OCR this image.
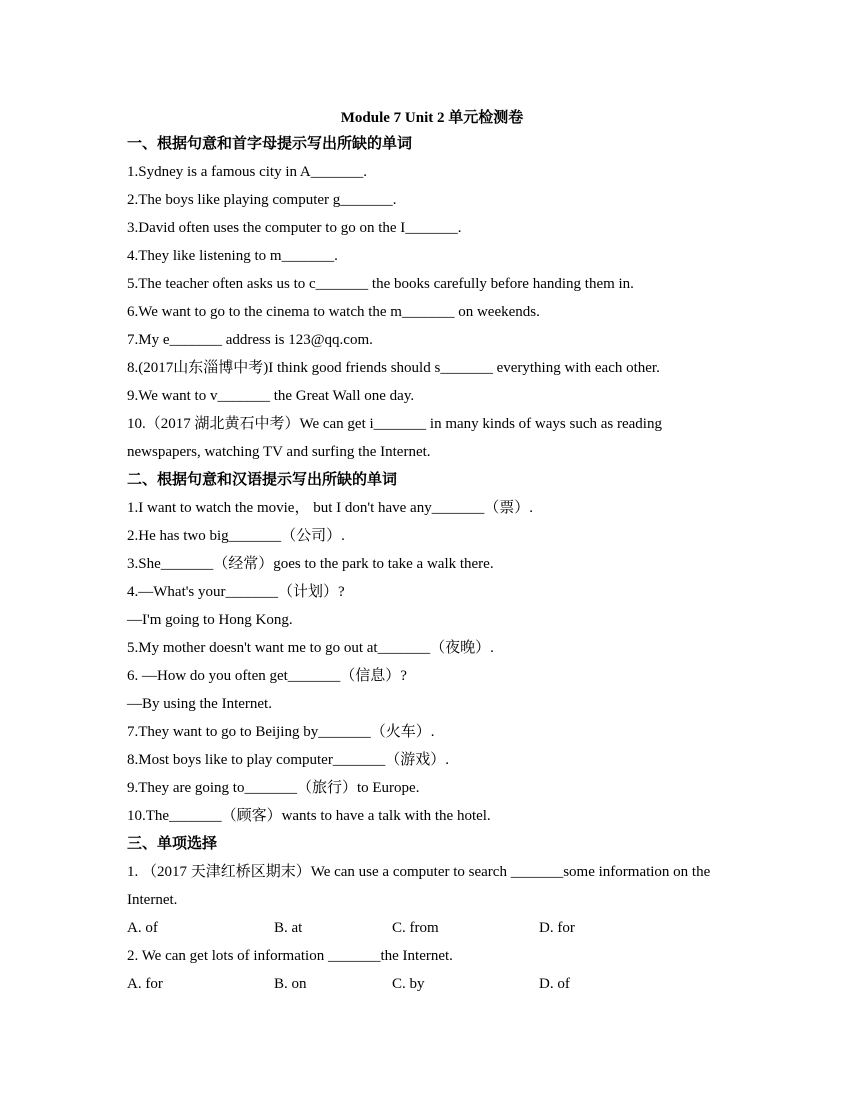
Module 7 Unit 2 单元检测卷
一、根据句意和首字母提示写出所缺的单词
1.Sydney is a famous city in A_______.
2.The boys like playing computer g_______.
3.David often uses the computer to go on the I_______.
4.They like listening to m_______.
5.The teacher often asks us to c_______ the books carefully before handing them in.
6.We want to go to the cinema to watch the m_______ on weekends.
7.My e_______ address is 123@qq.com.
8.(2017山东淄博中考)I think good friends should s_______ everything with each other.
9.We want to v_______ the Great Wall one day.
10.（2017 湖北黄石中考）We can get i_______ in many kinds of ways such as reading newspapers, watching TV and surfing the Internet.
二、根据句意和汉语提示写出所缺的单词
1.I want to watch the movie， but I don't have any_______（票）.
2.He has two big_______（公司）.
3.She_______（经常）goes to the park to take a walk there.
4.—What's your_______（计划）?
—I'm going to Hong Kong.
5.My mother doesn't want me to go out at_______（夜晚）.
6. —How do you often get_______（信息）?
—By using the Internet.
7.They want to go to Beijing by_______（火车）.
8.Most boys like to play computer_______（游戏）.
9.They are going to_______（旅行）to Europe.
10.The_______（顾客）wants to have a talk with the hotel.
三、单项选择
1. （2017 天津红桥区期末）We can use a computer to search _______some information on the Internet.
A. of	B. at	C. from	D. for
2. We can get lots of information _______the Internet.
A. for	B. on	C. by	D. of
